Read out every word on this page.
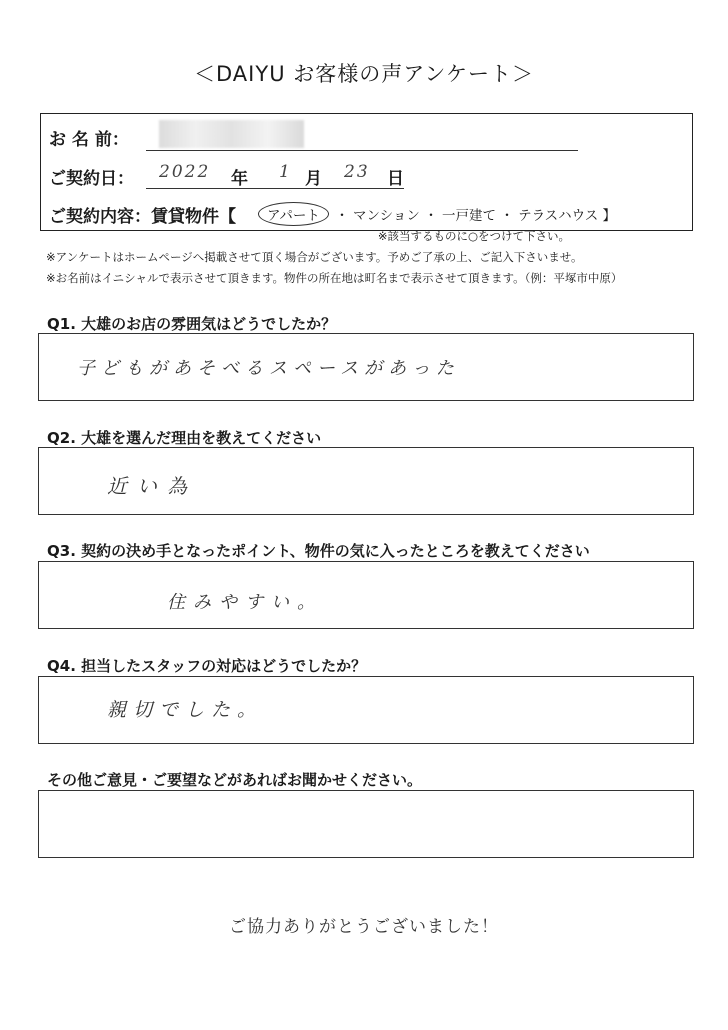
＜DAIYU お客様の声アンケート＞
お 名 前：
ご契約日： 2022 年 1 月 23 日
ご契約内容：賃貸物件【	アパート ・ マンション ・ 一戸建て ・ テラスハウス 】
※該当するものに○をつけて下さい。
※アンケートはホームページへ掲載させて頂く場合がございます。予めご了承の上、ご記入下さいませ。
※お名前はイニシャルで表示させて頂きます。物件の所在地は町名まで表示させて頂きます。（例：平塚市中原）
Q1. 大雄のお店の雰囲気はどうでしたか？
子どもがあそべるスペースがあった
Q2. 大雄を選んだ理由を教えてください
近い為
Q3. 契約の決め手となったポイント、物件の気に入ったところを教えてください
住みやすい。
Q4. 担当したスタッフの対応はどうでしたか？
親切でした。
その他ご意見・ご要望などがあればお聞かせください。
ご協力ありがとうございました！
